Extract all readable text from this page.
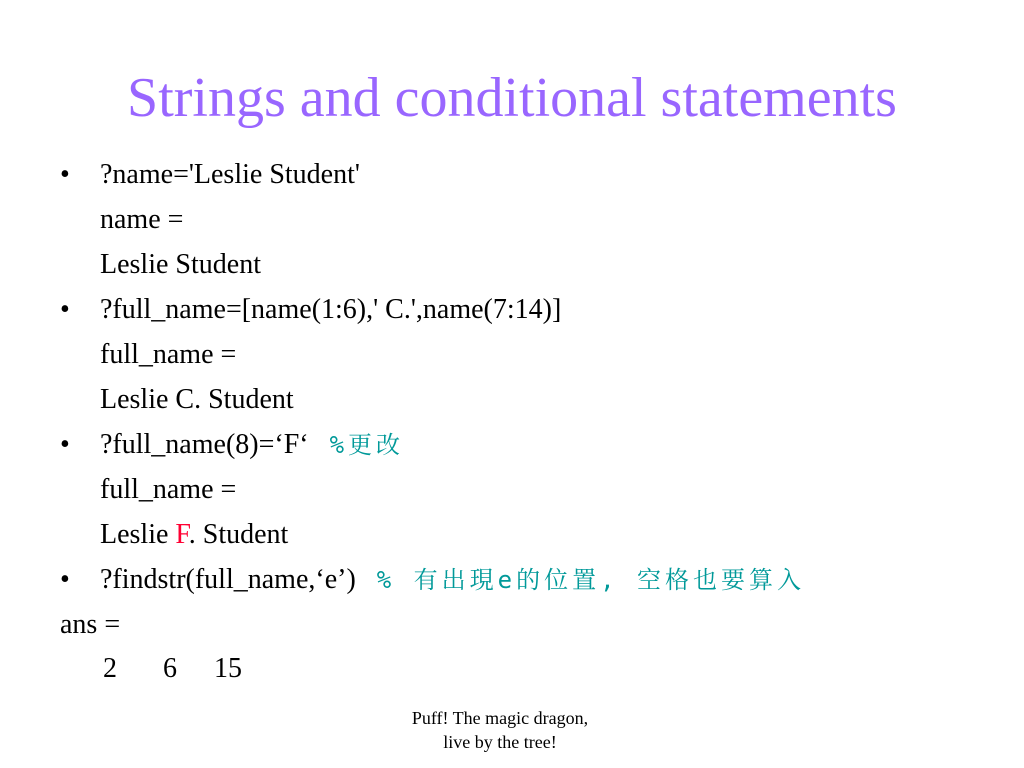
Strings and conditional statements
• ?name='Leslie Student'
name =
Leslie Student
• ?full_name=[name(1:6),' C.',name(7:14)]
full_name =
Leslie C. Student
• ?full_name(8)=‘F‘ %更改
full_name =
Leslie F. Student
• ?findstr(full_name,‘e’) % 有出現e的位置, 空格也要算入
ans =
2 6 15
Puff! The magic dragon,
live by the tree!
